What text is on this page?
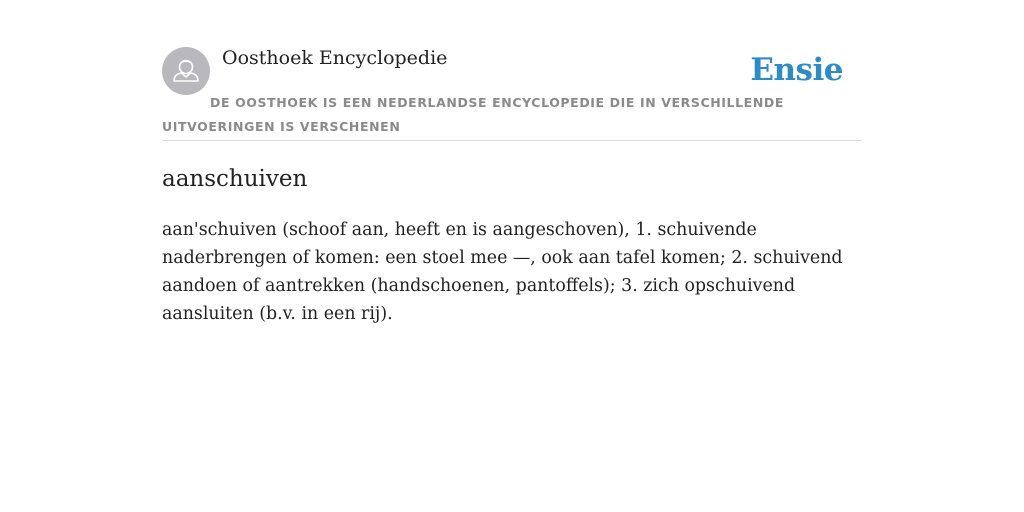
Oosthoek Encyclopedie	Ensie
DE OOSTHOEK IS EEN NEDERLANDSE ENCYCLOPEDIE DIE IN VERSCHILLENDE UITVOERINGEN IS VERSCHENEN
aanschuiven

aan'schuiven (schoof aan, heeft en is aangeschoven), 1. schuivende naderbrengen of komen: een stoel mee —, ook aan tafel komen; 2. schuivend aandoen of aantrekken (handschoenen, pantoffels); 3. zich opschuivend aansluiten (b.v. in een rij).
